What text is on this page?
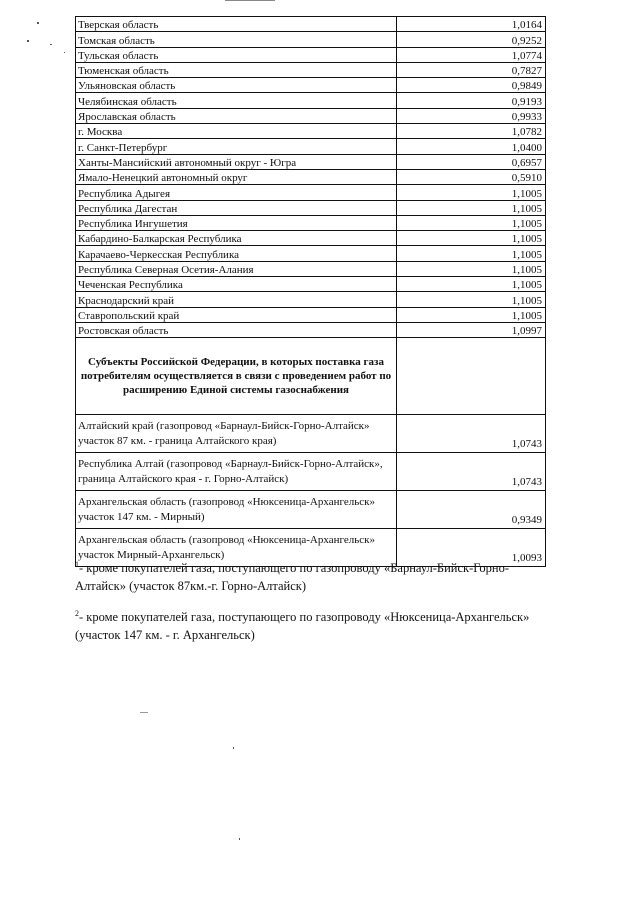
Тверская область	1,0164
Томская область	0,9252
Тульская область	1,0774
Тюменская область	0,7827
Ульяновская область	0,9849
Челябинская область	0,9193
Ярославская область	0,9933
г. Москва	1,0782
г. Санкт-Петербург	1,0400
Ханты-Мансийский автономный округ - Югра	0,6957
Ямало-Ненецкий автономный округ	0,5910
Республика Адыгея	1,1005
Республика Дагестан	1,1005
Республика Ингушетия	1,1005
Кабардино-Балкарская Республика	1,1005
Карачаево-Черкесская Республика	1,1005
Республика Северная Осетия-Алания	1,1005
Чеченская Республика	1,1005
Краснодарский край	1,1005
Ставропольский край	1,1005
Ростовская область	1,0997
Субъекты Российской Федерации, в которых поставка газа потребителям осуществляется в связи с проведением работ по расширению Единой системы газоснабжения	
Алтайский край (газопровод «Барнаул-Бийск-Горно-Алтайск» участок 87 км. - граница Алтайского края)	1,0743
Республика Алтай (газопровод «Барнаул-Бийск-Горно-Алтайск», граница Алтайского края - г. Горно-Алтайск)	1,0743
Архангельская область (газопровод «Нюксеница-Архангельск» участок 147 км. - Мирный)	0,9349
Архангельская область (газопровод «Нюксеница-Архангельск» участок Мирный-Архангельск)	1,0093

$^1$- кроме покупателей газа, поступающего по газопроводу «Барнаул-Бийск-Горно-Алтайск» (участок 87км.-г. Горно-Алтайск)

$^2$- кроме покупателей газа, поступающего по газопроводу «Нюксеница-Архангельск» (участок 147 км. - г. Архангельск)
